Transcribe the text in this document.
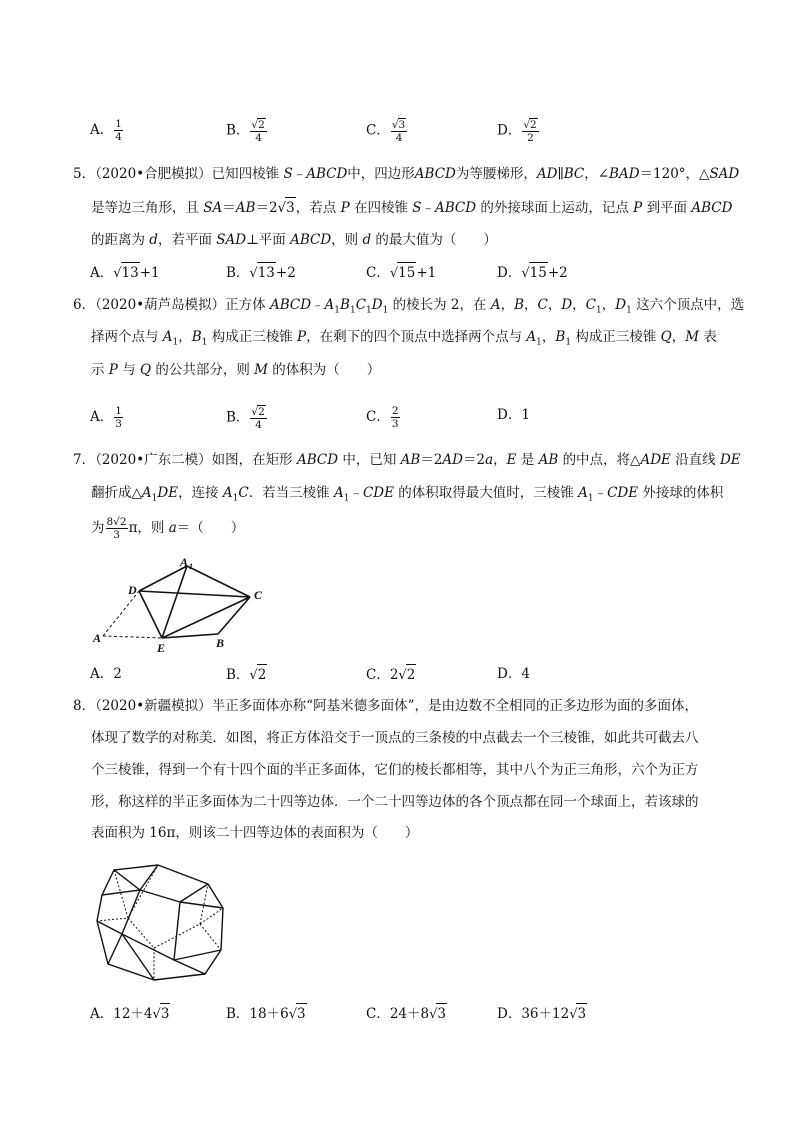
A． $\frac{1}{4}$	B． $\frac{√2}{4}$	C． $\frac{√3}{4}$	D． $\frac{√2}{2}$
5．（2020•合肥模拟）已知四棱锥 S﹣ABCD中，四边形ABCD为等腰梯形，AD∥BC，∠BAD＝120°，△SAD
是等边三角形，且 SA＝AB＝2√3，若点 P 在四棱锥 S﹣ABCD 的外接球面上运动，记点 P 到平面 ABCD
的距离为 d，若平面 SAD⊥平面 ABCD，则 d 的最大值为（　　）
A．√13+1	B．√13+2	C．√15+1	D．√15+2
6．（2020•葫芦岛模拟）正方体 $ABCD﹣A_1B_1C_1D_1$ 的棱长为 2，在 A，B，C，D，$C_1$，$D_1$ 这六个顶点中，选
择两个点与 $A_1$，$B_1$ 构成正三棱锥 P，在剩下的四个顶点中选择两个点与 $A_1$，$B_1$ 构成正三棱锥 Q，M 表
示 P 与 Q 的公共部分，则 M 的体积为（　　）
A． $\frac{1}{3}$	B． $\frac{√2}{4}$	C． $\frac{2}{3}$	D．1
7．（2020•广东二模）如图，在矩形 ABCD 中，已知 AB＝2AD＝2a，E 是 AB 的中点，将△ADE 沿直线 DE
翻折成$\triangle A_1DE$，连接 $A_1C$．若当三棱锥 $A_1﹣CDE$ 的体积取得最大值时，三棱锥 $A_1﹣CDE$ 外接球的体积
为 $\frac{8√2}{3}$ π，则 a＝（　　）
A 1
D	C
A
E	B
A．2	B．√2	C．2√2	D．4
8．（2020•新疆模拟）半正多面体亦称“阿基米德多面体”，是由边数不全相同的正多边形为面的多面体，
体现了数学的对称美．如图，将正方体沿交于一顶点的三条棱的中点截去一个三棱锥，如此共可截去八
个三棱锥，得到一个有十四个面的半正多面体，它们的棱长都相等，其中八个为正三角形，六个为正方
形，称这样的半正多面体为二十四等边体．一个二十四等边体的各个顶点都在同一个球面上，若该球的
表面积为 16π，则该二十四等边体的表面积为（　　）
A．12＋4√3	B．18＋6√3	C．24＋8√3	D．36＋12√3
